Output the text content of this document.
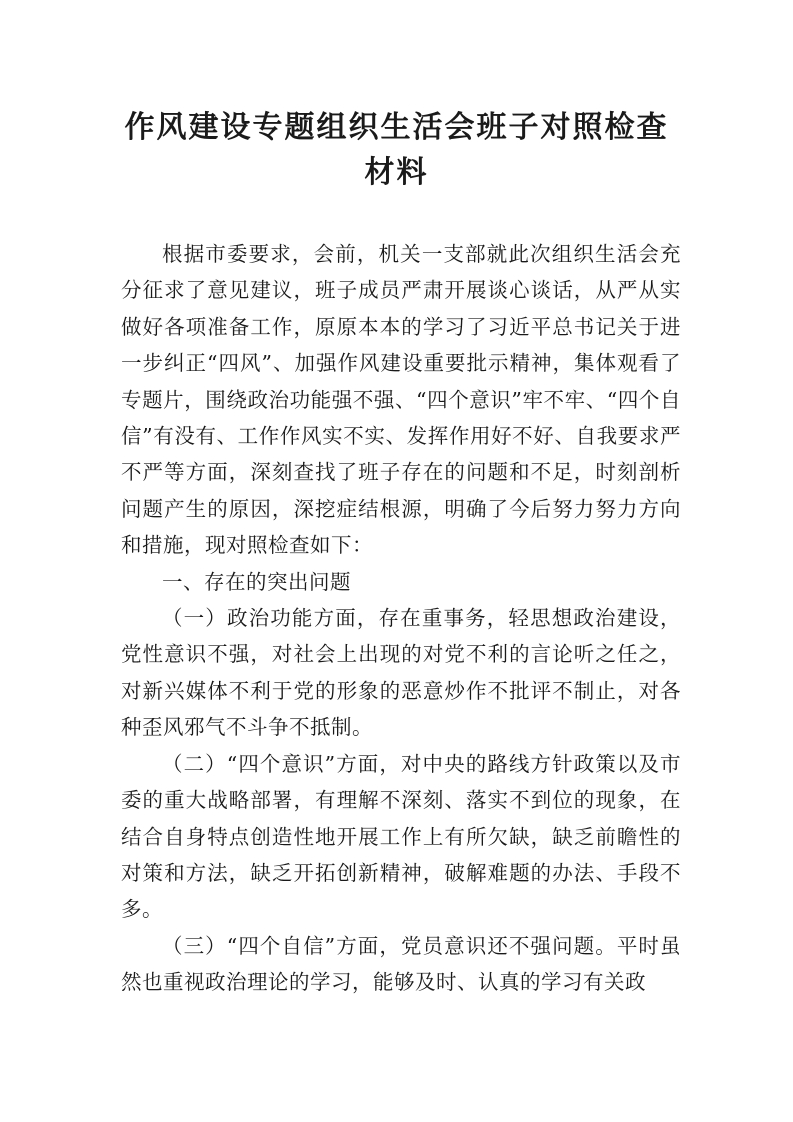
作风建设专题组织生活会班子对照检查
材料

根据市委要求，会前，机关一支部就此次组织生活会充分征求了意见建议，班子成员严肃开展谈心谈话，从严从实做好各项准备工作，原原本本的学习了习近平总书记关于进一步纠正“四风”、加强作风建设重要批示精神，集体观看了专题片，围绕政治功能强不强、“四个意识”牢不牢、“四个自信”有没有、工作作风实不实、发挥作用好不好、自我要求严不严等方面，深刻查找了班子存在的问题和不足，时刻剖析问题产生的原因，深挖症结根源，明确了今后努力努力方向和措施，现对照检查如下：

一、存在的突出问题

（一）政治功能方面，存在重事务，轻思想政治建设，党性意识不强，对社会上出现的对党不利的言论听之任之，对新兴媒体不利于党的形象的恶意炒作不批评不制止，对各种歪风邪气不斗争不抵制。

（二）“四个意识”方面，对中央的路线方针政策以及市委的重大战略部署，有理解不深刻、落实不到位的现象，在结合自身特点创造性地开展工作上有所欠缺，缺乏前瞻性的对策和方法，缺乏开拓创新精神，破解难题的办法、手段不多。

（三）“四个自信”方面，党员意识还不强问题。平时虽然也重视政治理论的学习，能够及时、认真的学习有关政
